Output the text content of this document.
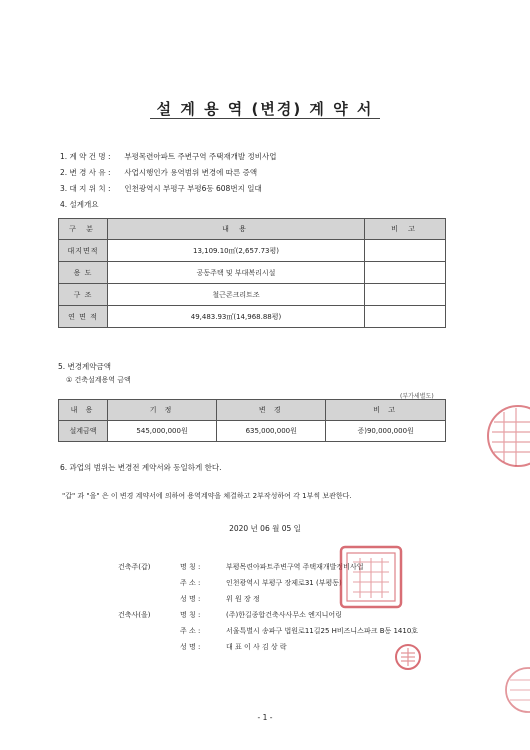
설 계 용 역 (변경) 계 약 서
1. 계 약 건 명 : 부평목련아파트 주변구역 주택재개발 정비사업
2. 변 경 사 유 : 사업시행인가 용역범위 변경에 따른 증액
3. 대 지 위 치 : 인천광역시 부평구 부평6동 608번지 일대
4. 설계개요
구 분	내 용	비 고
대지면적	13,109.10㎡(2,657.73평)	
용 도	공동주택 및 부대복리시설	
구 조	철근콘크리트조	
연 면 적	49,483.93㎡(14,968.88평)	
5. 변경계약금액
① 건축설계용역 금액
(부가세별도)
내 용	기 정	변 경	비 고
설계금액	545,000,000원	635,000,000원	증)90,000,000원
6. 과업의 범위는 변경전 계약서와 동일하게 한다.
"갑" 과 "을" 은 이 변경 계약서에 의하여 용역계약을 체결하고 2부작성하여 각 1부씩 보관한다.
2020 년 06 월 05 일
건축주(갑)	명 칭 :	부평목련아파트주변구역 주택재개발정비사업
주 소 :	인천광역시 부평구 장제로31 (부평동)
성 명 :	위 원 장 정
건축사(을)	명 칭 :	(주)한길종합건축사사무소 엔지니어링
주 소 :	서울특별시 송파구 법원로11길25 H비즈니스파크 B동 1410호
성 명 :	대 표 이 사 김 상 락
- 1 -
